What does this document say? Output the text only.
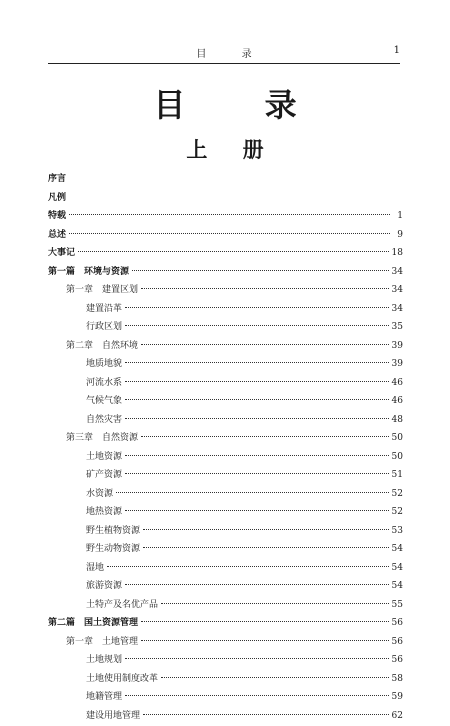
目 录	1
目 录
上 册
序言
凡例
特载	1
总述	9
大事记	18
第一篇　环境与资源	34
第一章　建置区划	34
建置沿革	34
行政区划	35
第二章　自然环境	39
地质地貌	39
河流水系	46
气候气象	46
自然灾害	48
第三章　自然资源	50
土地资源	50
矿产资源	51
水资源	52
地热资源	52
野生植物资源	53
野生动物资源	54
湿地	54
旅游资源	54
土特产及名优产品	55
第二篇　国土资源管理	56
第一章　土地管理	56
土地规划	56
土地使用制度改革	58
地籍管理	59
建设用地管理	62
